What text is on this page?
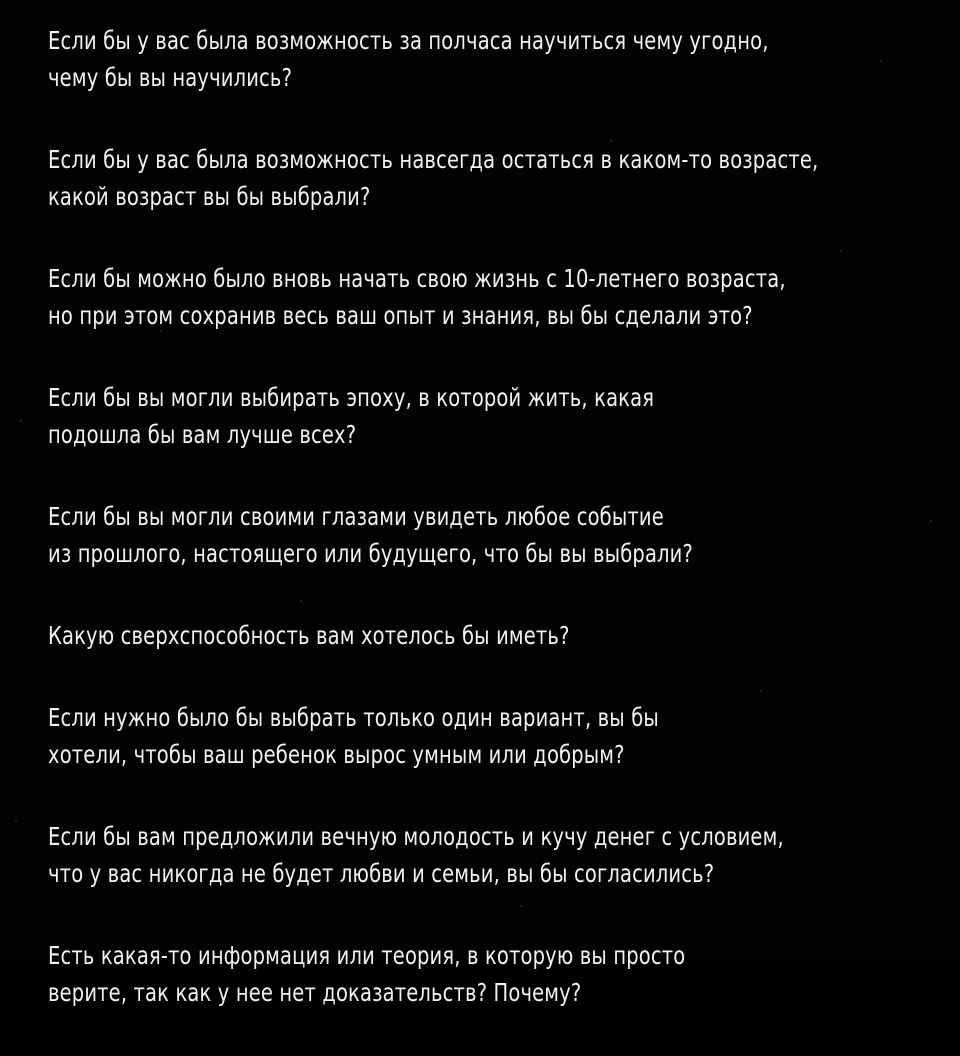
Если бы у вас была возможность за полчаса научиться чему угодно,
чему бы вы научились?
Если бы у вас была возможность навсегда остаться в каком-то возрасте,
какой возраст вы бы выбрали?
Если бы можно было вновь начать свою жизнь с 10-летнего возраста,
но при этом сохранив весь ваш опыт и знания, вы бы сделали это?
Если бы вы могли выбирать эпоху, в которой жить, какая
подошла бы вам лучше всех?
Если бы вы могли своими глазами увидеть любое событие
из прошлого, настоящего или будущего, что бы вы выбрали?
Какую сверхспособность вам хотелось бы иметь?
Если нужно было бы выбрать только один вариант, вы бы
хотели, чтобы ваш ребенок вырос умным или добрым?
Если бы вам предложили вечную молодость и кучу денег с условием,
что у вас никогда не будет любви и семьи, вы бы согласились?
Есть какая-то информация или теория, в которую вы просто
верите, так как у нее нет доказательств? Почему?
